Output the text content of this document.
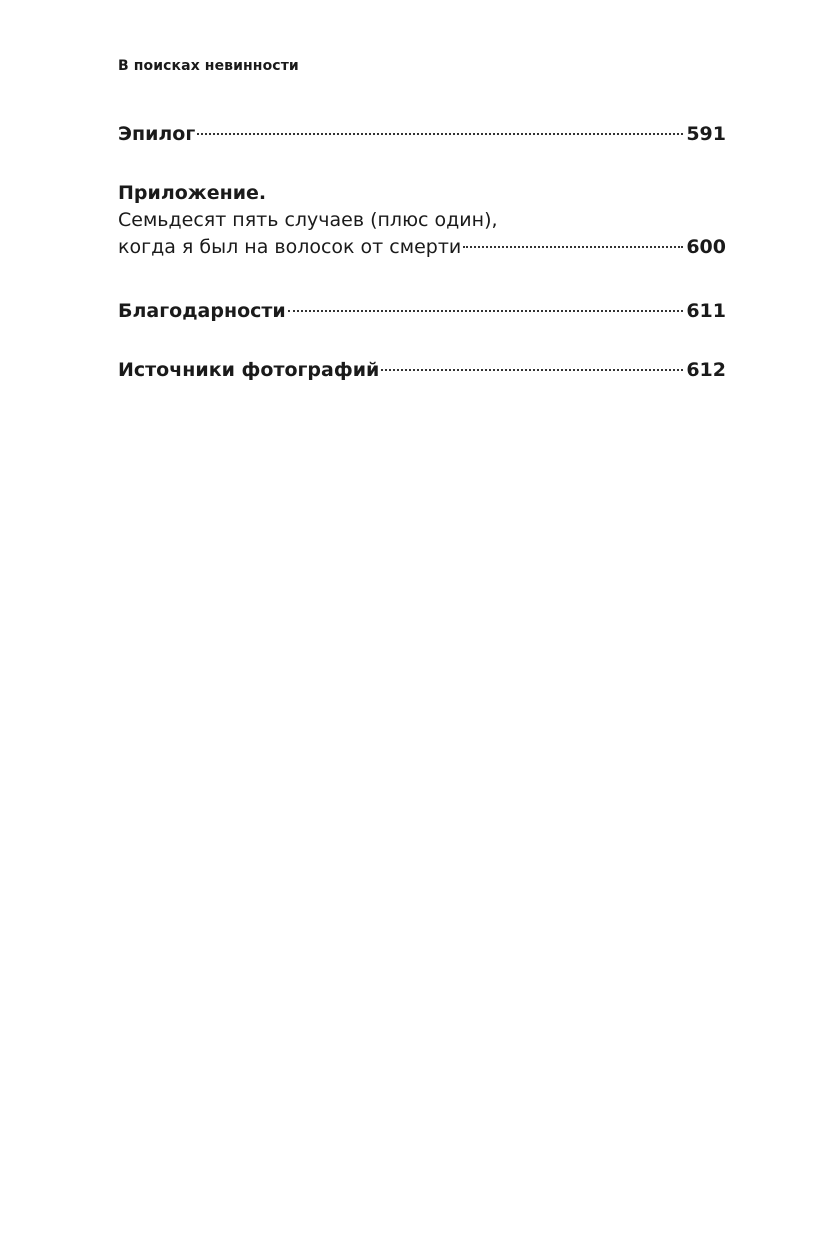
В поисках невинности
Эпилог	591
Приложение.
Семьдесят пять случаев (плюс один),
когда я был на волосок от смерти	600
Благодарности	611
Источники фотографий	612
